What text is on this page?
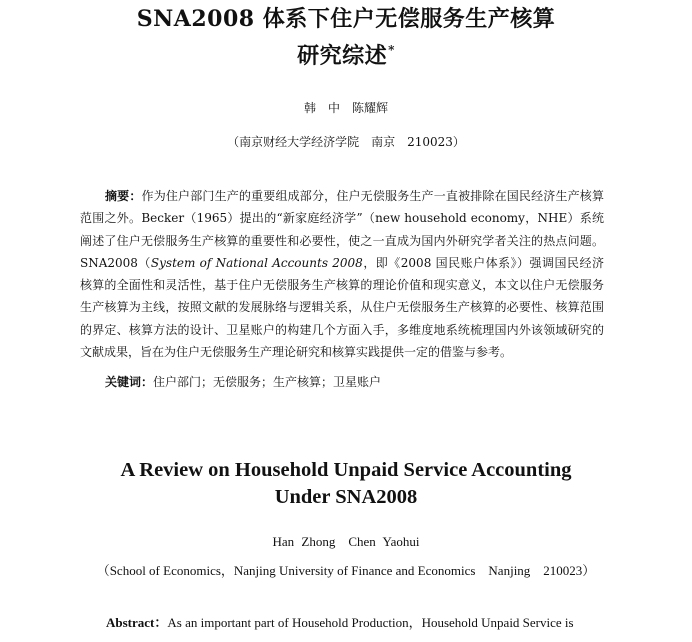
SNA2008 体系下住户无偿服务生产核算
研究综述*
韩　中　陈耀辉
（南京财经大学经济学院　南京　210023）
摘要：作为住户部门生产的重要组成部分，住户无偿服务生产一直被排除在国民经济生产核算范围之外。Becker（1965）提出的“新家庭经济学”（new household economy，NHE）系统阐述了住户无偿服务生产核算的重要性和必要性，使之一直成为国内外研究学者关注的热点问题。SNA2008（System of National Accounts 2008，即《2008 国民账户体系》）强调国民经济核算的全面性和灵活性，基于住户无偿服务生产核算的理论价值和现实意义，本文以住户无偿服务生产核算为主线，按照文献的发展脉络与逻辑关系，从住户无偿服务生产核算的必要性、核算范围的界定、核算方法的设计、卫星账户的构建几个方面入手，多维度地系统梳理国内外该领域研究的文献成果，旨在为住户无偿服务生产理论研究和核算实践提供一定的借鉴与参考。
关键词：住户部门；无偿服务；生产核算；卫星账户
A Review on Household Unpaid Service Accounting
Under SNA2008
Han Zhong　Chen Yaohui
（School of Economics，Nanjing University of Finance and Economics　Nanjing　210023）
Abstract：As an important part of Household Production，Household Unpaid Service is
